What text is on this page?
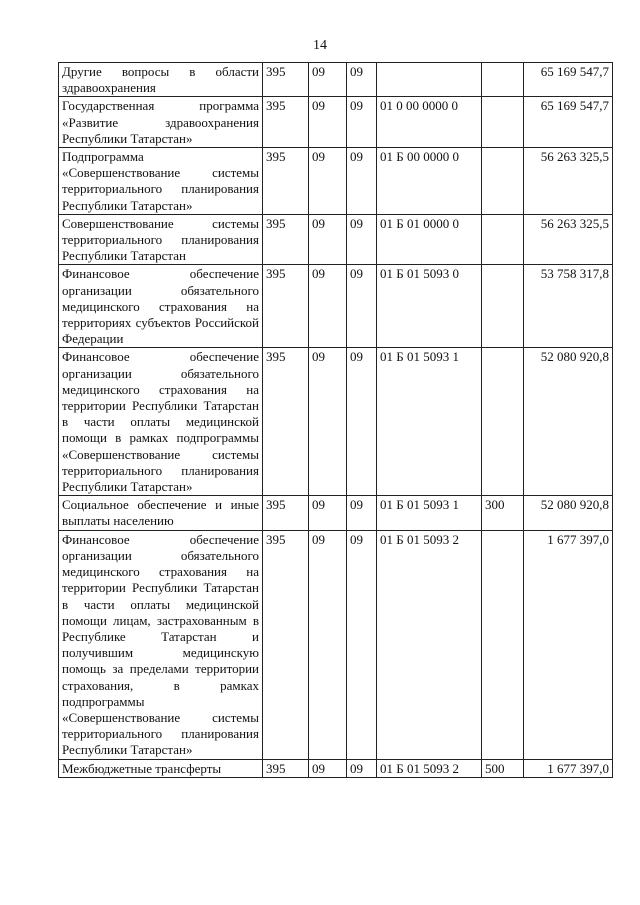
14
Другие вопросы в области здравоохранения	395	09	09			65 169 547,7
Государственная программа «Развитие здравоохранения Республики Татарстан»	395	09	09	01 0 00 0000 0		65 169 547,7
Подпрограмма «Совершенствование системы территориального планирования Республики Татарстан»	395	09	09	01 Б 00 0000 0		56 263 325,5
Совершенствование системы территориального планирования Республики Татарстан	395	09	09	01 Б 01 0000 0		56 263 325,5
Финансовое обеспечение организации обязательного медицинского страхования на территориях субъектов Российской Федерации	395	09	09	01 Б 01 5093 0		53 758 317,8
Финансовое обеспечение организации обязательного медицинского страхования на территории Республики Татарстан в части оплаты медицинской помощи в рамках подпрограммы «Совершенствование системы территориального планирования Республики Татарстан»	395	09	09	01 Б 01 5093 1		52 080 920,8
Социальное обеспечение и иные выплаты населению	395	09	09	01 Б 01 5093 1	300	52 080 920,8
Финансовое обеспечение организации обязательного медицинского страхования на территории Республики Татарстан в части оплаты медицинской помощи лицам, застрахованным в Республике Татарстан и получившим медицинскую помощь за пределами территории страхования, в рамках подпрограммы «Совершенствование системы территориального планирования Республики Татарстан»	395	09	09	01 Б 01 5093 2		1 677 397,0
Межбюджетные трансферты	395	09	09	01 Б 01 5093 2	500	1 677 397,0
